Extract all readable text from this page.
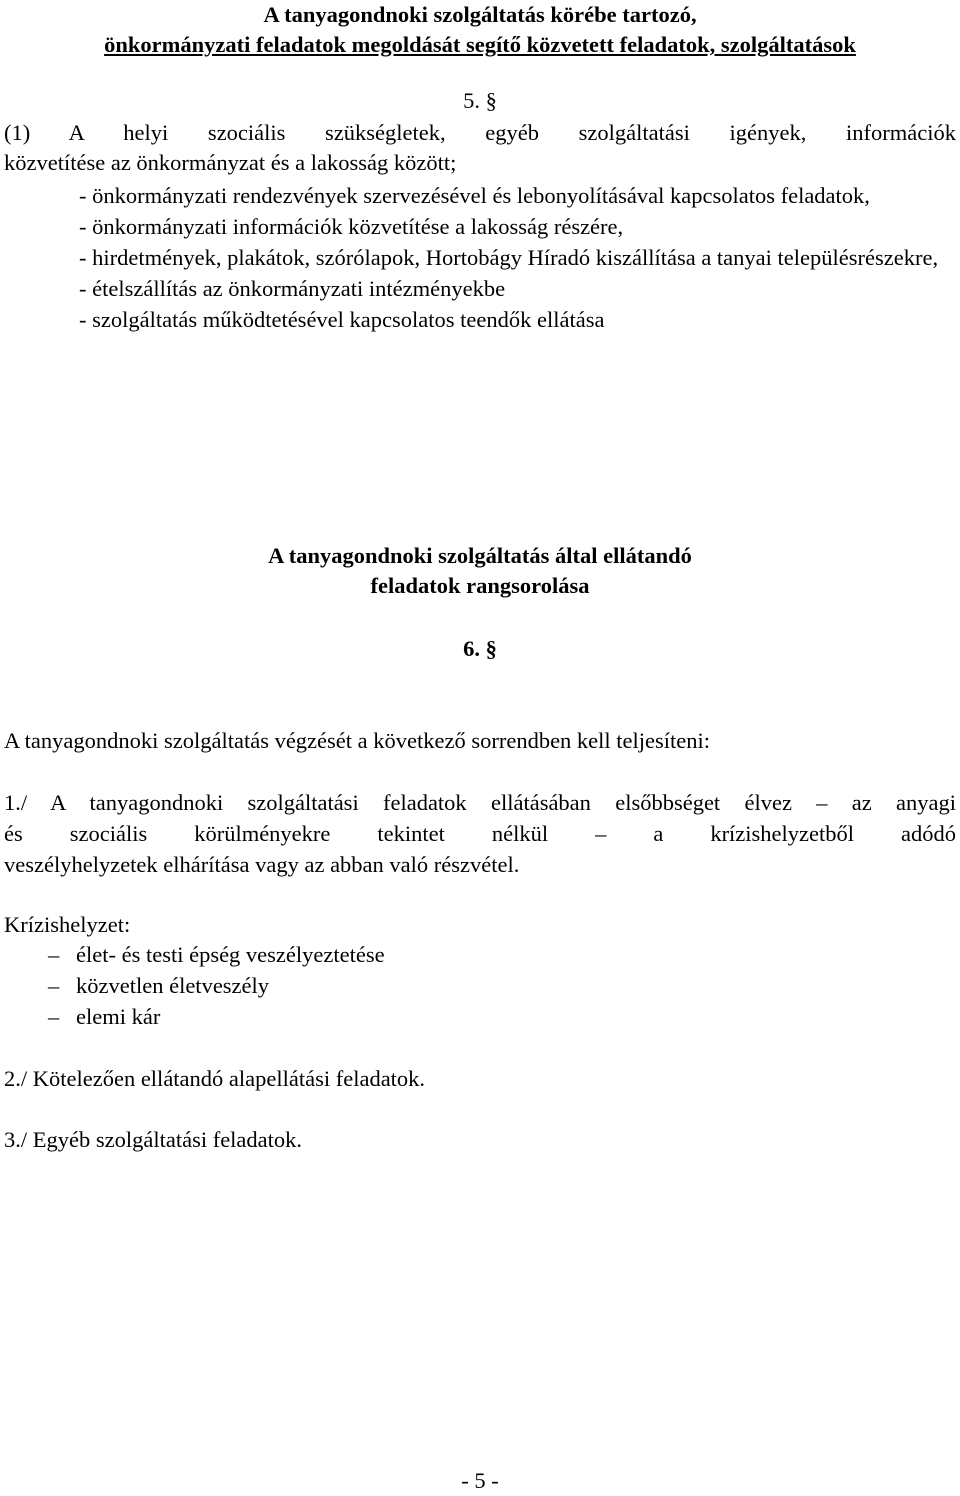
A tanyagondnoki szolgáltatás körébe tartozó,
önkormányzati feladatok megoldását segítő közvetett feladatok, szolgáltatások
5. §
(1) A helyi szociális szükségletek, egyéb szolgáltatási igények, információk
közvetítése az önkormányzat és a lakosság között;
- önkormányzati rendezvények szervezésével és lebonyolításával kapcsolatos feladatok,
- önkormányzati információk közvetítése a lakosság részére,
- hirdetmények, plakátok, szórólapok, Hortobágy Híradó kiszállítása a tanyai településrészekre,
- ételszállítás az önkormányzati intézményekbe
- szolgáltatás működtetésével kapcsolatos teendők ellátása
A tanyagondnoki szolgáltatás által ellátandó
feladatok rangsorolása
6. §
A tanyagondnoki szolgáltatás végzését a következő sorrendben kell teljesíteni:
1./ A tanyagondnoki szolgáltatási feladatok ellátásában elsőbbséget élvez – az anyagi
és szociális körülményekre tekintet nélkül – a krízishelyzetből adódó
veszélyhelyzetek elhárítása vagy az abban való részvétel.
Krízishelyzet:
– élet- és testi épség veszélyeztetése
– közvetlen életveszély
– elemi kár
2./ Kötelezően ellátandó alapellátási feladatok.
3./ Egyéb szolgáltatási feladatok.
- 5 -
